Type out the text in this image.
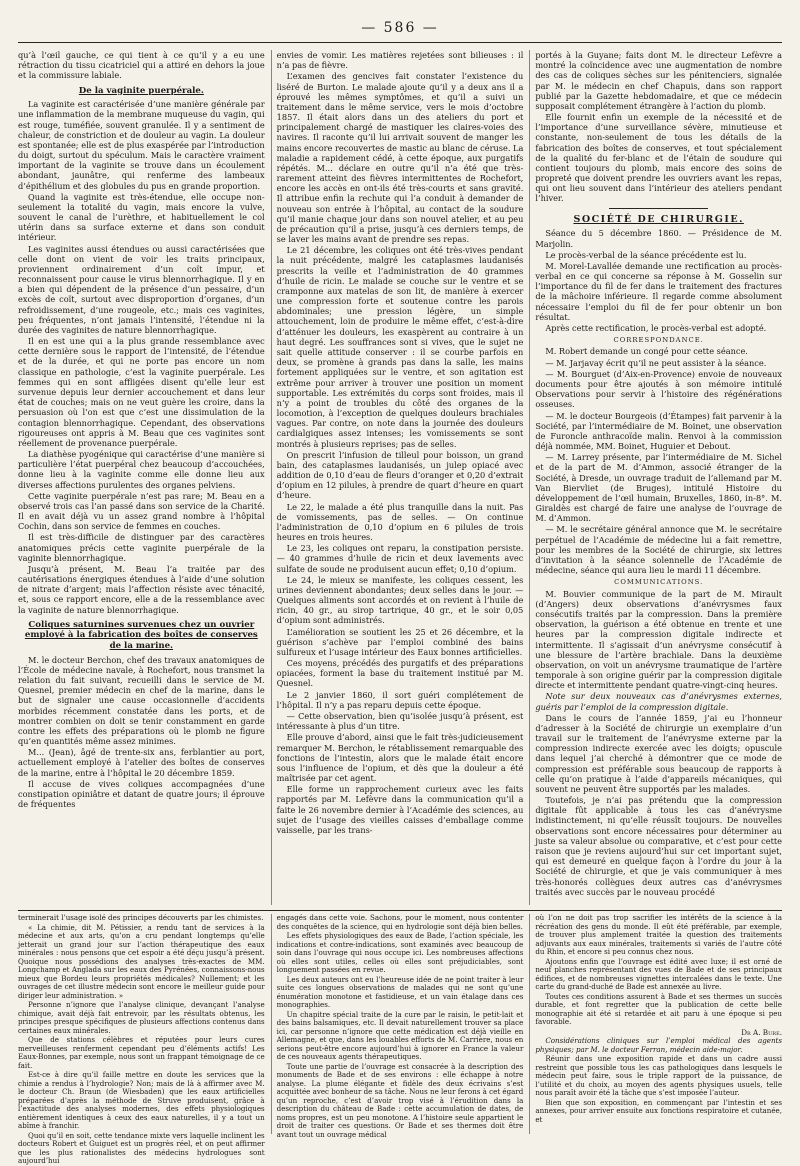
— 586 —

qu’à l’œil gauche, ce qui tient à ce qu’il y a eu une rétraction du tissu cicatriciel qui a attiré en dehors la joue et la commissure labiale.

De la vaginite puerpérale.

La vaginite est caractérisée d’une manière générale par une inflammation de la membrane muqueuse du vagin, qui est rouge, tuméfiée, souvent granulée. Il y a sentiment de chaleur, de constriction et de douleur au vagin. La douleur est spontanée; elle est de plus exaspérée par l’introduction du doigt, surtout du spéculum. Mais le caractère vraiment important de la vaginite se trouve dans un écoulement abondant, jaunâtre, qui renferme des lambeaux d’épithélium et des globules du pus en grande proportion.

Quand la vaginite est très-étendue, elle occupe non-seulement la totalité du vagin, mais encore la vulve, souvent le canal de l’urèthre, et habituellement le col utérin dans sa surface externe et dans son conduit intérieur.

Les vaginites aussi étendues ou aussi caractérisées que celle dont on vient de voir les traits principaux, proviennent ordinairement d’un coït impur, et reconnaissent pour cause le virus blennorrhagique. Il y en a bien qui dépendent de la présence d’un pessaire, d’un excès de coït, surtout avec disproportion d’organes, d’un refroidissement, d’une rougeole, etc.; mais ces vaginites, peu fréquentes, n’ont jamais l’intensité, l’étendue ni la durée des vaginites de nature blennorrhagique.

Il en est une qui a la plus grande ressemblance avec cette dernière sous le rapport de l’intensité, de l’étendue et de la durée, et qui ne porte pas encore un nom classique en pathologie, c’est la vaginite puerpérale. Les femmes qui en sont affligées disent qu’elle leur est survenue depuis leur dernier accouchement et dans leur état de couches; mais on ne veut guère les croire, dans la persuasion où l’on est que c’est une dissimulation de la contagion blennorrhagique. Cependant, des observations rigoureuses ont appris à M. Beau que ces vaginites sont réellement de provenance puerpérale.

La diathèse pyogénique qui caractérise d’une manière si particulière l’état puerpéral chez beaucoup d’accouchées, donne lieu à la vaginite comme elle donne lieu aux diverses affections purulentes des organes pelviens.

Cette vaginite puerpérale n’est pas rare; M. Beau en a observé trois cas l’an passé dans son service de la Charité. Il en avait déjà vu un assez grand nombre à l’hôpital Cochin, dans son service de femmes en couches.

Il est très-difficile de distinguer par des caractères anatomiques précis cette vaginite puerpérale de la vaginite blennorrhagique.

Jusqu’à présent, M. Beau l’a traitée par des cautérisations énergiques étendues à l’aide d’une solution de nitrate d’argent; mais l’affection résiste avec ténacité, et, sous ce rapport encore, elle a de la ressemblance avec la vaginite de nature blennorrhagique.

Coliques saturnines survenues chez un ouvrier employé à la fabrication des boîtes de conserves de la marine.

M. le docteur Berchon, chef des travaux anatomiques de l’École de médecine navale, à Rochefort, nous transmet la relation du fait suivant, recueilli dans le service de M. Quesnel, premier médecin en chef de la marine, dans le but de signaler une cause occasionnelle d’accidents morbides récemment constatée dans les ports, et de montrer combien on doit se tenir constamment en garde contre les effets des préparations où le plomb ne figure qu’en quantités même assez minimes.

M... (Jean), âgé de trente-six ans, ferblantier au port, actuellement employé à l’atelier des boîtes de conserves de la marine, entre à l’hôpital le 20 décembre 1859.

Il accuse de vives coliques accompagnées d’une constipation opiniâtre et datant de quatre jours; il éprouve de fréquentes

envies de vomir. Les matières rejetées sont bilieuses : il n’a pas de fièvre.

L’examen des gencives fait constater l’existence du liséré de Burton. Le malade ajoute qu’il y a deux ans il a éprouvé les mêmes symptômes, et qu’il a suivi un traitement dans le même service, vers le mois d’octobre 1857. Il était alors dans un des ateliers du port et principalement chargé de mastiquer les claires-voies des navires. Il raconte qu’il lui arrivait souvent de manger les mains encore recouvertes de mastic au blanc de céruse. La maladie a rapidement cédé, à cette époque, aux purgatifs répétés. M... déclare en outre qu’il n’a été que très-rarement atteint des fièvres intermittentes de Rochefort, encore les accès en ont-ils été très-courts et sans gravité. Il attribue enfin la rechute qui l’a conduit à demander de nouveau son entrée à l’hôpital, au contact de la soudure qu’il manie chaque jour dans son nouvel atelier, et au peu de précaution qu’il a prise, jusqu’à ces derniers temps, de se laver les mains avant de prendre ses repas.

Le 21 décembre, les coliques ont été très-vives pendant la nuit précédente, malgré les cataplasmes laudanisés prescrits la veille et l’administration de 40 grammes d’huile de ricin. Le malade se couche sur le ventre et se cramponne aux matelas de son lit, de manière à exercer une compression forte et soutenue contre les parois abdominales; une pression légère, un simple attouchement, loin de produire le même effet, c’est-à-dire d’atténuer les douleurs, les exaspèrent au contraire à un haut degré. Les souffrances sont si vives, que le sujet ne sait quelle attitude conserver : il se courbe parfois en deux, se promène à grands pas dans la salle, les mains fortement appliquées sur le ventre, et son agitation est extrême pour arriver à trouver une position un moment supportable. Les extrémités du corps sont froides, mais il n’y a point de troubles du côté des organes de la locomotion, à l’exception de quelques douleurs brachiales vagues. Par contre, on note dans la journée des douleurs cardialgiques assez intenses; les vomissements se sont montrés à plusieurs reprises; pas de selles.

On prescrit l’infusion de tilleul pour boisson, un grand bain, des cataplasmes laudanisés, un julep opiacé avec addition de 0,10 d’eau de fleurs d’oranger et 0,20 d’extrait d’opium en 12 pilules, à prendre de quart d’heure en quart d’heure.

Le 22, le malade a été plus tranquille dans la nuit. Pas de vomissements, pas de selles. — On continue l’administration de 0,10 d’opium en 6 pilules de trois heures en trois heures.

Le 23, les coliques ont reparu, la constipation persiste. — 40 grammes d’huile de ricin et deux lavements avec sulfate de soude ne produisent aucun effet; 0,10 d’opium.

Le 24, le mieux se manifeste, les coliques cessent, les urines deviennent abondantes; deux selles dans le jour. — Quelques aliments sont accordés et on revient à l’huile de ricin, 40 gr., au sirop tartrique, 40 gr., et le soir 0,05 d’opium sont administrés.

L’amélioration se soutient les 25 et 26 décembre, et la guérison s’achève par l’emploi combiné des bains sulfureux et l’usage intérieur des Eaux bonnes artificielles.

Ces moyens, précédés des purgatifs et des préparations opiacées, forment la base du traitement institué par M. Quesnel.

Le 2 janvier 1860, il sort guéri complétement de l’hôpital. Il n’y a pas reparu depuis cette époque.

— Cette observation, bien qu’isolée jusqu’à présent, est intéressante à plus d’un titre.

Elle prouve d’abord, ainsi que le fait très-judicieusement remarquer M. Berchon, le rétablissement remarquable des fonctions de l’intestin, alors que le malade était encore sous l’influence de l’opium, et dès que la douleur a été maîtrisée par cet agent.

Elle forme un rapprochement curieux avec les faits rapportés par M. Lefèvre dans la communication qu’il a faite le 26 novembre dernier à l’Académie des sciences, au sujet de l’usage des vieilles caisses d’emballage comme vaisselle, par les trans-

portés à la Guyane; faits dont M. le directeur Lefèvre a montré la coïncidence avec une augmentation de nombre des cas de coliques sèches sur les pénitenciers, signalée par M. le médecin en chef Chapuis, dans son rapport publié par la Gazette hebdomadaire, et que ce médecin supposait complétement étrangère à l’action du plomb.

Elle fournit enfin un exemple de la nécessité et de l’importance d’une surveillance sévère, minutieuse et constante, non-seulement de tous les détails de la fabrication des boîtes de conserves, et tout spécialement de la qualité du fer-blanc et de l’étain de soudure qui contient toujours du plomb, mais encore des soins de propreté que doivent prendre les ouvriers avant les repas, qui ont lieu souvent dans l’intérieur des ateliers pendant l’hiver.

SOCIÉTÉ DE CHIRURGIE.

Séance du 5 décembre 1860. — Présidence de M. Marjolin.

Le procès-verbal de la séance précédente est lu.

M. Morel-Lavallée demande une rectification au procès-verbal en ce qui concerne sa réponse à M. Gosselin sur l’importance du fil de fer dans le traitement des fractures de la mâchoire inférieure. Il regarde comme absolument nécessaire l’emploi du fil de fer pour obtenir un bon résultat.

Après cette rectification, le procès-verbal est adopté.

CORRESPONDANCE.

M. Robert demande un congé pour cette séance.

— M. Jarjavay écrit qu’il ne peut assister à la séance.

— M. Bourguet (d’Aix-en-Provence) envoie de nouveaux documents pour être ajoutés à son mémoire intitulé Observations pour servir à l’histoire des régénérations osseuses.

— M. le docteur Bourgeois (d’Étampes) fait parvenir à la Société, par l’intermédiaire de M. Boinet, une observation de Furoncle anthracoïde malin. Renvoi à la commission déjà nommée, MM. Boinet, Huguier et Debout.

— M. Larrey présente, par l’intermédiaire de M. Sichel et de la part de M. d’Ammon, associé étranger de la Société, à Dresde, un ouvrage traduit de l’allemand par M. Van Biervliet (de Bruges), intitulé Histoire du développement de l’œil humain, Bruxelles, 1860, in-8°. M. Giraldès est chargé de faire une analyse de l’ouvrage de M. d’Ammon.

— M. le secrétaire général annonce que M. le secrétaire perpétuel de l’Académie de médecine lui a fait remettre, pour les membres de la Société de chirurgie, six lettres d’invitation à la séance solennelle de l’Académie de médecine, séance qui aura lieu le mardi 11 décembre.

COMMUNICATIONS.

M. Bouvier communique de la part de M. Mirault (d’Angers) deux observations d’anévrysmes faux consécutifs traités par la compression. Dans la première observation, la guérison a été obtenue en trente et une heures par la compression digitale indirecte et intermittente. Il s’agissait d’un anévrysme consécutif à une blessure de l’artère brachiale. Dans la deuxième observation, on voit un anévrysme traumatique de l’artère temporale à son origine guérir par la compression digitale directe et intermittente pendant quatre-vingt-cinq heures.

Note sur deux nouveaux cas d’anévrysmes externes, guéris par l’emploi de la compression digitale.

Dans le cours de l’année 1859, j’ai eu l’honneur d’adresser à la Société de chirurgie un exemplaire d’un travail sur le traitement de l’anévrysme externe par la compression indirecte exercée avec les doigts; opuscule dans lequel j’ai cherché à démontrer que ce mode de compression est préférable sous beaucoup de rapports à celle qu’on pratique à l’aide d’appareils mécaniques, qui souvent ne peuvent être supportés par les malades.

Toutefois, je n’ai pas prétendu que la compression digitale fût applicable à tous les cas d’anévrysme indistinctement, ni qu’elle réussît toujours. De nouvelles observations sont encore nécessaires pour déterminer au juste sa valeur absolue ou comparative, et c’est pour cette raison que je reviens aujourd’hui sur cet important sujet, qui est demeuré en quelque façon à l’ordre du jour à la Société de chirurgie, et que je vais communiquer à mes très-honorés collègues deux autres cas d’anévrysmes traités avec succès par le nouveau procédé

terminerait l’usage isolé des principes découverts par les chimistes.

« La chimie, dit M. Pétissier, a rendu tant de services à la médecine et aux arts, qu’on a cru pendant longtemps qu’elle jetterait un grand jour sur l’action thérapeutique des eaux minérales : nous pensons que cet espoir a été déçu jusqu’à présent. Quoique nous possédions des analyses très-exactes de MM. Longchamp et Anglada sur les eaux des Pyrénées, connaissons-nous mieux que Bordeu leurs propriétés médicales? Nullement; et les ouvrages de cet illustre médecin sont encore le meilleur guide pour diriger leur administration. »

Personne n’ignore que l’analyse clinique, devançant l’analyse chimique, avait déjà fait entrevoir, par les résultats obtenus, les principes presque spécifiques de plusieurs affections contenus dans certaines eaux minérales.

Que de stations célèbres et réputées pour leurs cures merveilleuses renferment cependant peu d’éléments actifs! Les Eaux-Bonnes, par exemple, nous sont un frappant témoignage de ce fait.

Est-ce à dire qu’il faille mettre en doute les services que la chimie a rendus à l’hydrologie? Non; mais de là à affirmer avec M. le docteur Ch. Braun (de Wiesbaden) que les eaux artificielles préparées d’après la méthode de Struve produisent, grâce à l’exactitude des analyses modernes, des effets physiologiques entièrement identiques à ceux des eaux naturelles, il y a tout un abîme à franchir.

Quoi qu’il en soit, cette tendance mixte vers laquelle inclinent les docteurs Robert et Guiguet est un progrès réel, et on peut affirmer que les plus rationalistes des médecins hydrologues sont aujourd’hui

engagés dans cette voie. Sachons, pour le moment, nous contenter des conquêtes de la science, qui en hydrologie sont déjà bien belles.

Les effets physiologiques des eaux de Bade, l’action spéciale, les indications et contre-indications, sont examinés avec beaucoup de soin dans l’ouvrage qui nous occupe ici. Les nombreuses affections où elles sont utiles, celles où elles sont préjudiciables, sont longuement passées en revue.

Les deux auteurs ont eu l’heureuse idée de ne point traiter à leur suite ces longues observations de malades qui ne sont qu’une énumération monotone et fastidieuse, et un vain étalage dans ces monographies.

Un chapitre spécial traite de la cure par le raisin, le petit-lait et des bains balsamiques, etc. Il devait naturellement trouver sa place ici, car personne n’ignore que cette médication est déjà vieille en Allemagne, et que, dans les louables efforts de M. Carrière, nous en serions peut-être encore aujourd’hui à ignorer en France la valeur de ces nouveaux agents thérapeutiques.

Toute une partie de l’ouvrage est consacrée à la description des monuments de Bade et de ses environs : elle échappe à notre analyse. La plume élégante et fidèle des deux écrivains s’est acquittée avec bonheur de sa tâche. Nous ne leur ferons à cet égard qu’un reproche, c’est d’avoir trop visé à l’érudition dans la description du château de Bade : cette accumulation de dates, de noms propres, est un peu monotone. A l’histoire seule appartient le droit de traiter ces questions. Or Bade et ses thermes doit être avant tout un ouvrage médical

où l’on ne doit pas trop sacrifier les intérêts de la science à la récréation des gens du monde. Il eût été préférable, par exemple, de trouver plus amplement traitée la question des traitements adjuvants aux eaux minérales, traitements si variés de l’autre côté du Rhin, et encore si peu connus chez nous.

Ajoutons enfin que l’ouvrage est édité avec luxe; il est orné de neuf planches représentant des vues de Bade et de ses principaux édifices, et de nombreuses vignettes intercalées dans le texte. Une carte du grand-duché de Bade est annexée au livre.

Toutes ces conditions assurent à Bade et ses thermes un succès durable, et font regretter que la publication de cette belle monographie ait été si retardée et ait paru à une époque si peu favorable.

Dr A. Bure.

Considérations cliniques sur l’emploi médical des agents physiques; par M. le docteur Ferran, médecin aide-major.

Réunir dans une exposition rapide et dans un cadre aussi restreint que possible tous les cas pathologiques dans lesquels le médecin peut faire, sous le triple rapport de la puissance, de l’utilité et du choix, au moyen des agents physiques usuels, telle nous paraît avoir été la tâche que s’est imposée l’auteur.

Bien que son exposition, en commençant par l’intestin et ses annexes, pour arriver ensuite aux fonctions respiratoire et cutanée, et
